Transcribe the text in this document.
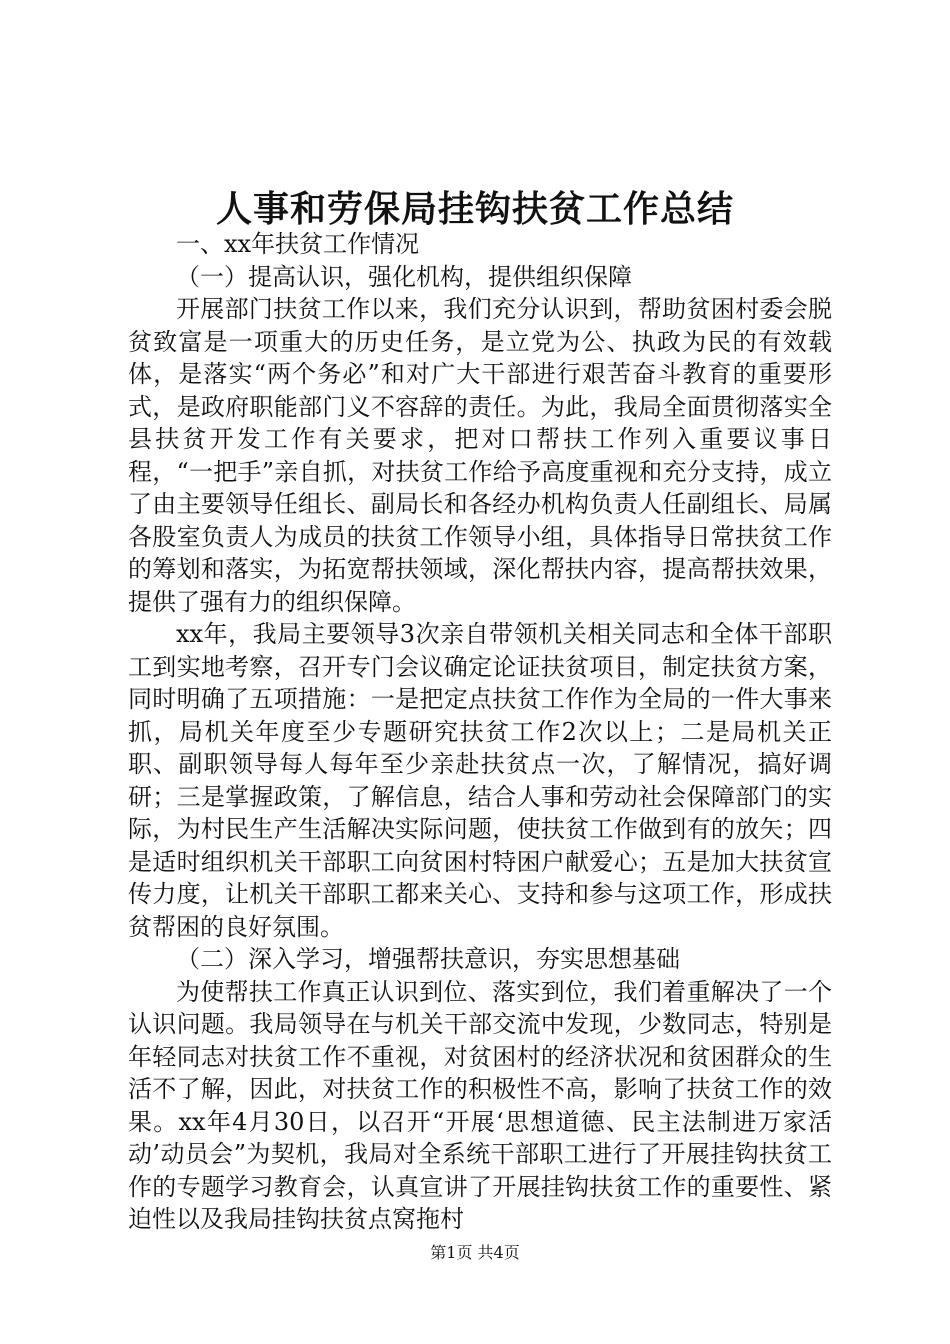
人事和劳保局挂钩扶贫工作总结

一、xx年扶贫工作情况

（一）提高认识，强化机构，提供组织保障

开展部门扶贫工作以来，我们充分认识到，帮助贫困村委会脱贫致富是一项重大的历史任务，是立党为公、执政为民的有效载体，是落实“两个务必”和对广大干部进行艰苦奋斗教育的重要形式，是政府职能部门义不容辞的责任。为此，我局全面贯彻落实全县扶贫开发工作有关要求，把对口帮扶工作列入重要议事日程，“一把手”亲自抓，对扶贫工作给予高度重视和充分支持，成立了由主要领导任组长、副局长和各经办机构负责人任副组长、局属各股室负责人为成员的扶贫工作领导小组，具体指导日常扶贫工作的筹划和落实，为拓宽帮扶领域，深化帮扶内容，提高帮扶效果，提供了强有力的组织保障。

xx年，我局主要领导3次亲自带领机关相关同志和全体干部职工到实地考察，召开专门会议确定论证扶贫项目，制定扶贫方案，同时明确了五项措施：一是把定点扶贫工作作为全局的一件大事来抓，局机关年度至少专题研究扶贫工作2次以上；二是局机关正职、副职领导每人每年至少亲赴扶贫点一次，了解情况，搞好调研；三是掌握政策，了解信息，结合人事和劳动社会保障部门的实际，为村民生产生活解决实际问题，使扶贫工作做到有的放矢；四是适时组织机关干部职工向贫困村特困户献爱心；五是加大扶贫宣传力度，让机关干部职工都来关心、支持和参与这项工作，形成扶贫帮困的良好氛围。

（二）深入学习，增强帮扶意识，夯实思想基础

为使帮扶工作真正认识到位、落实到位，我们着重解决了一个认识问题。我局领导在与机关干部交流中发现，少数同志，特别是年轻同志对扶贫工作不重视，对贫困村的经济状况和贫困群众的生活不了解，因此，对扶贫工作的积极性不高，影响了扶贫工作的效果。xx年4月30日，以召开“开展‘思想道德、民主法制进万家活动’动员会”为契机，我局对全系统干部职工进行了开展挂钩扶贫工作的专题学习教育会，认真宣讲了开展挂钩扶贫工作的重要性、紧迫性以及我局挂钩扶贫点窝拖村

第1页 共4页
